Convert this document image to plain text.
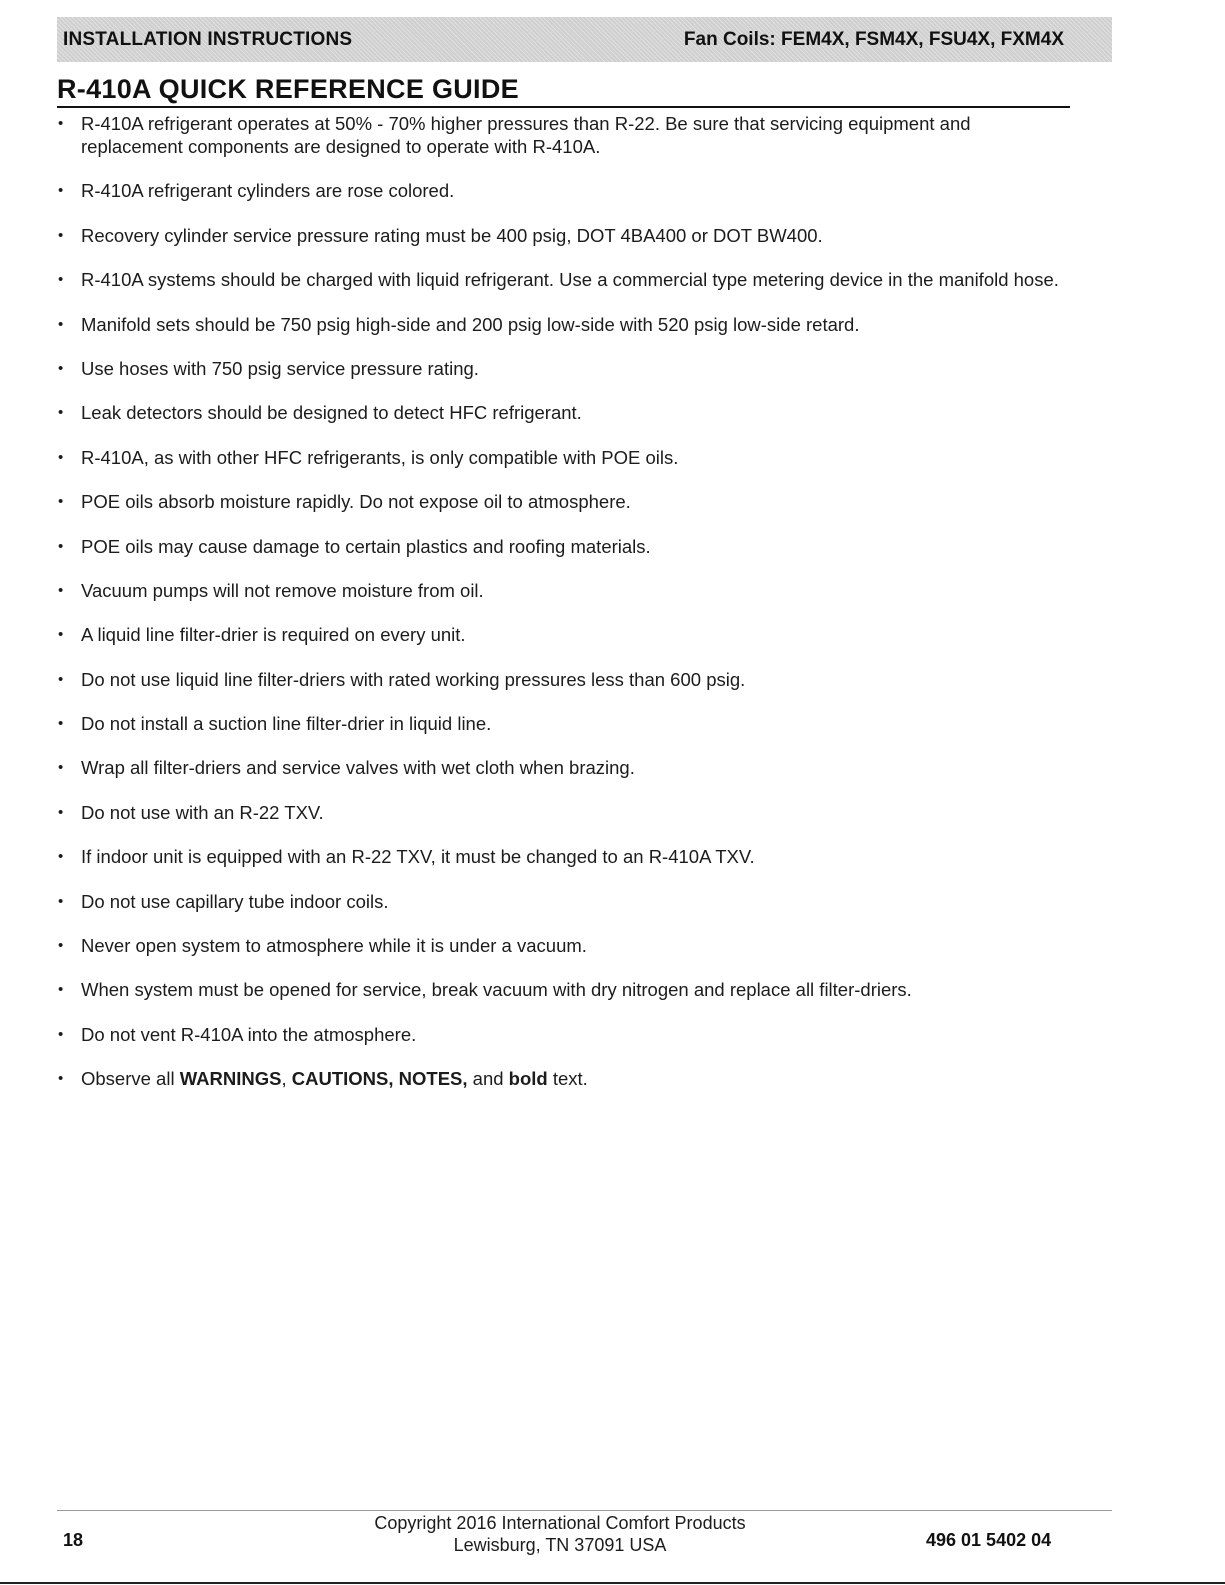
INSTALLATION INSTRUCTIONS	Fan Coils: FEM4X, FSM4X, FSU4X, FXM4X
R-410A QUICK REFERENCE GUIDE
• R-410A refrigerant operates at 50% - 70% higher pressures than R-22. Be sure that servicing equipment and replacement components are designed to operate with R-410A.
• R-410A refrigerant cylinders are rose colored.
• Recovery cylinder service pressure rating must be 400 psig, DOT 4BA400 or DOT BW400.
• R-410A systems should be charged with liquid refrigerant. Use a commercial type metering device in the manifold hose.
• Manifold sets should be 750 psig high-side and 200 psig low-side with 520 psig low-side retard.
• Use hoses with 750 psig service pressure rating.
• Leak detectors should be designed to detect HFC refrigerant.
• R-410A, as with other HFC refrigerants, is only compatible with POE oils.
• POE oils absorb moisture rapidly. Do not expose oil to atmosphere.
• POE oils may cause damage to certain plastics and roofing materials.
• Vacuum pumps will not remove moisture from oil.
• A liquid line filter-drier is required on every unit.
• Do not use liquid line filter-driers with rated working pressures less than 600 psig.
• Do not install a suction line filter-drier in liquid line.
• Wrap all filter-driers and service valves with wet cloth when brazing.
• Do not use with an R-22 TXV.
• If indoor unit is equipped with an R-22 TXV, it must be changed to an R-410A TXV.
• Do not use capillary tube indoor coils.
• Never open system to atmosphere while it is under a vacuum.
• When system must be opened for service, break vacuum with dry nitrogen and replace all filter-driers.
• Do not vent R-410A into the atmosphere.
• Observe all WARNINGS, CAUTIONS, NOTES, and bold text.
18
Copyright 2016 International Comfort Products
Lewisburg, TN 37091 USA	496 01 5402 04
